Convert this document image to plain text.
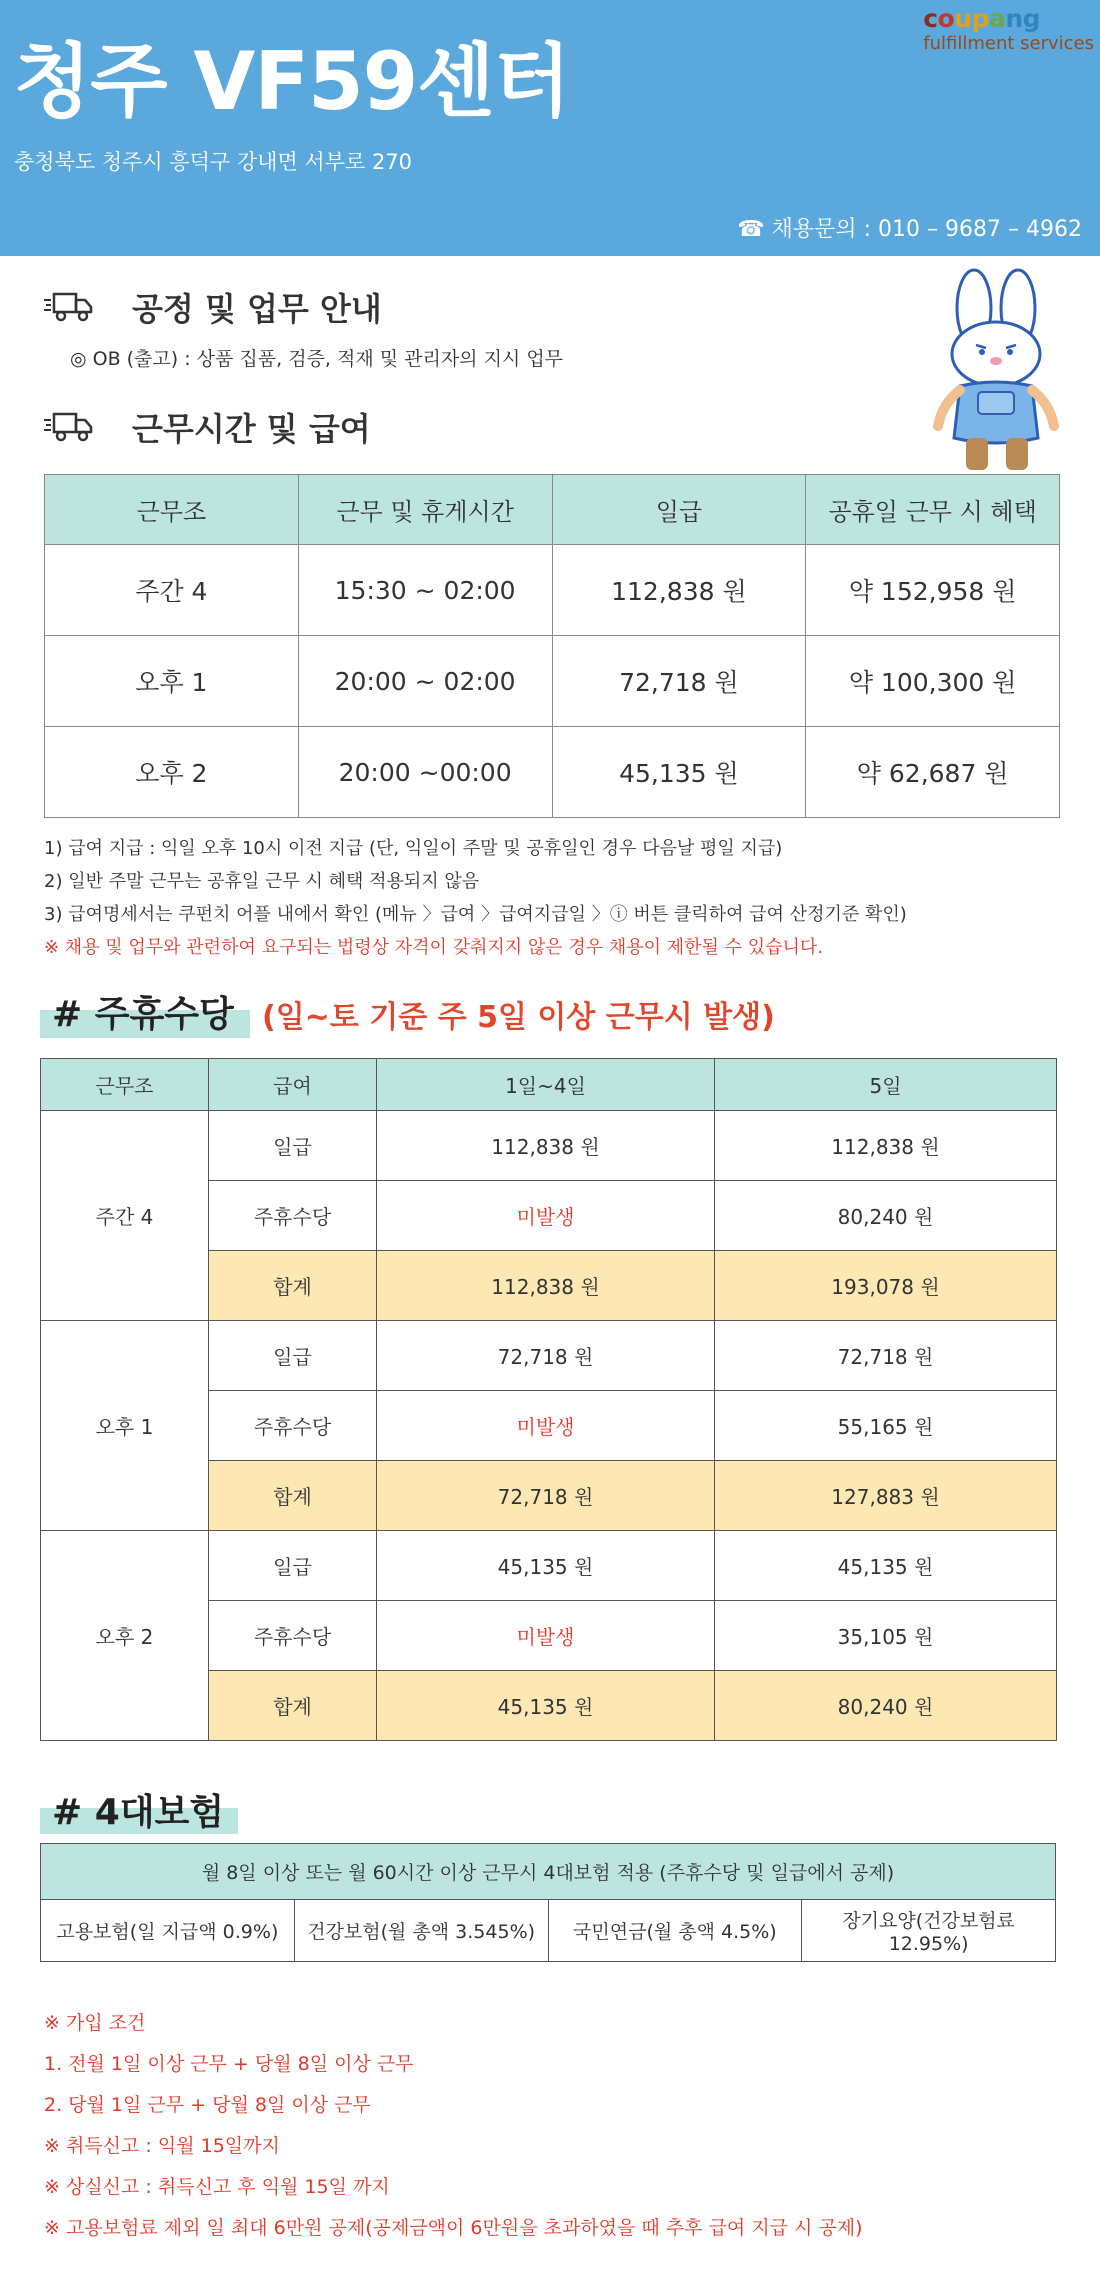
청주 VF59센터
충청북도 청주시 흥덕구 강내면 서부로 270
☎ 채용문의 : 010 – 9687 – 4962
coupang
fulfillment services
공정 및 업무 안내
◎ OB (출고) : 상품 집품, 검증, 적재 및 관리자의 지시 업무
근무시간 및 급여
근무조	근무 및 휴게시간	일급	공휴일 근무 시 혜택
주간 4	15:30 ~ 02:00	112,838 원	약 152,958 원
오후 1	20:00 ~ 02:00	72,718 원	약 100,300 원
오후 2	20:00 ~00:00	45,135 원	약 62,687 원
1) 급여 지급 : 익일 오후 10시 이전 지급 (단, 익일이 주말 및 공휴일인 경우 다음날 평일 지급)
2) 일반 주말 근무는 공휴일 근무 시 혜택 적용되지 않음
3) 급여명세서는 쿠펀치 어플 내에서 확인 (메뉴 〉급여 〉급여지급일 〉ⓘ 버튼 클릭하여 급여 산정기준 확인)
※ 채용 및 업무와 관련하여 요구되는 법령상 자격이 갖춰지지 않은 경우 채용이 제한될 수 있습니다.
# 주휴수당 (일~토 기준 주 5일 이상 근무시 발생)
근무조	급여	1일~4일	5일
주간 4	일급	112,838 원	112,838 원
	주휴수당	미발생	80,240 원
	합계	112,838 원	193,078 원
오후 1	일급	72,718 원	72,718 원
	주휴수당	미발생	55,165 원
	합계	72,718 원	127,883 원
오후 2	일급	45,135 원	45,135 원
	주휴수당	미발생	35,105 원
	합계	45,135 원	80,240 원
# 4대보험
월 8일 이상 또는 월 60시간 이상 근무시 4대보험 적용 (주휴수당 및 일급에서 공제)
고용보험(일 지급액 0.9%)	건강보험(월 총액 3.545%)	국민연금(월 총액 4.5%)	장기요양(건강보험료 12.95%)
※ 가입 조건
1. 전월 1일 이상 근무 + 당월 8일 이상 근무
2. 당월 1일 근무 + 당월 8일 이상 근무
※ 취득신고 : 익월 15일까지
※ 상실신고 : 취득신고 후 익월 15일 까지
※ 고용보험료 제외 일 최대 6만원 공제(공제금액이 6만원을 초과하였을 때 추후 급여 지급 시 공제)
